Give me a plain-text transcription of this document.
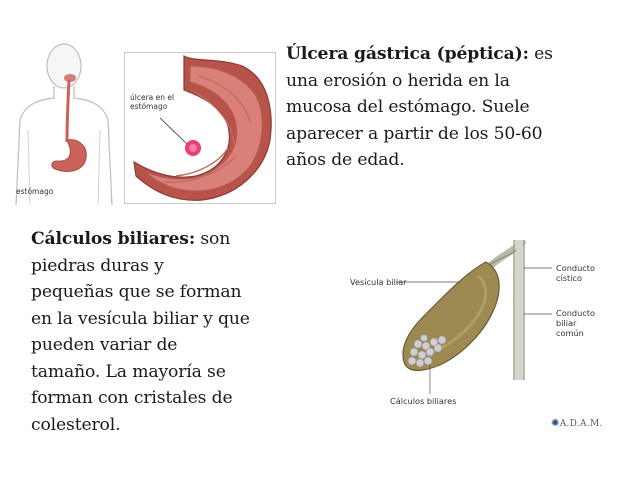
estómago
úlcera en el estómago
Úlcera gástrica (péptica): es
una erosión o herida en la
mucosa del estómago. Suele
aparecer a partir de los 50-60
años de edad.
Cálculos biliares: son
piedras duras y
pequeñas que se forman
en la vesícula biliar y que
pueden variar de
tamaño. La mayoría se
forman con cristales de
colesterol.
Vesícula biliar
Conducto
cístico
Conducto
biliar
común
Cálculos biliares
✺A.D.A.M.
